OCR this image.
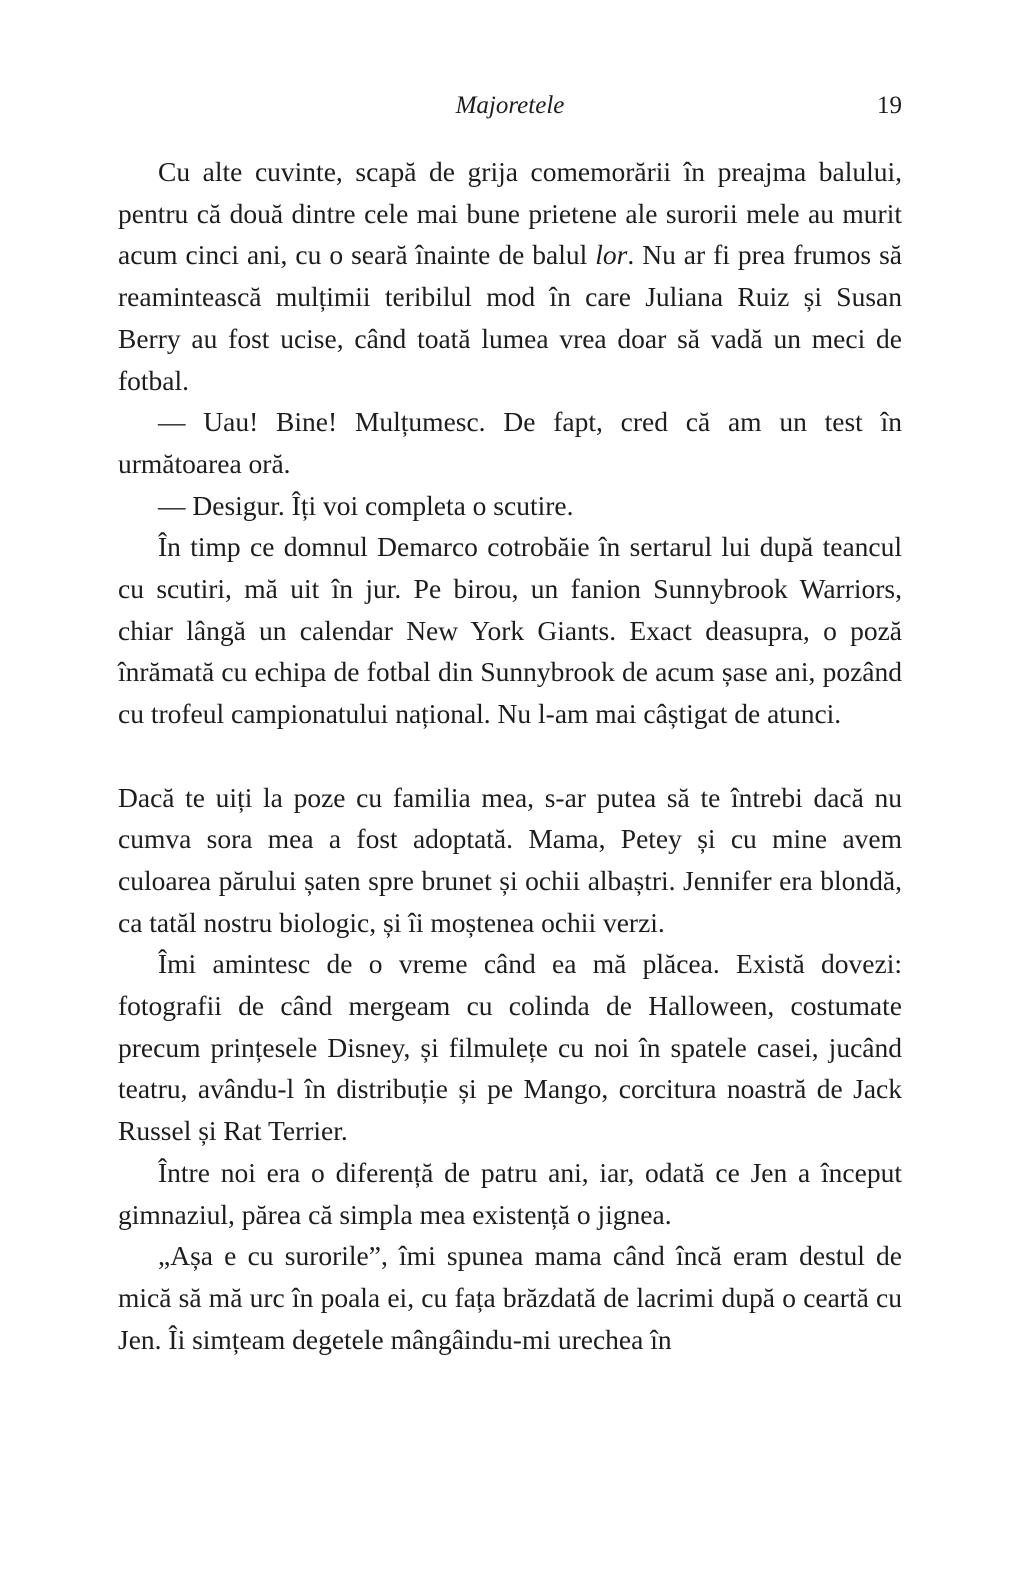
Majoretele	19

Cu alte cuvinte, scapă de grija comemorării în preajma balului, pentru că două dintre cele mai bune prietene ale surorii mele au murit acum cinci ani, cu o seară înainte de balul lor. Nu ar fi prea frumos să reamintească mulțimii teribilul mod în care Juliana Ruiz și Susan Berry au fost ucise, când toată lumea vrea doar să vadă un meci de fotbal.

— Uau! Bine! Mulțumesc. De fapt, cred că am un test în următoarea oră.

— Desigur. Îți voi completa o scutire.

În timp ce domnul Demarco cotrobăie în sertarul lui după teancul cu scutiri, mă uit în jur. Pe birou, un fanion Sunnybrook Warriors, chiar lângă un calendar New York Giants. Exact deasupra, o poză înrămată cu echipa de fotbal din Sunnybrook de acum șase ani, pozând cu trofeul campionatului național. Nu l-am mai câștigat de atunci.

Dacă te uiți la poze cu familia mea, s-ar putea să te întrebi dacă nu cumva sora mea a fost adoptată. Mama, Petey și cu mine avem culoarea părului șaten spre brunet și ochii albaștri. Jennifer era blondă, ca tatăl nostru biologic, și îi moștenea ochii verzi.

Îmi amintesc de o vreme când ea mă plăcea. Există dovezi: fotografii de când mergeam cu colinda de Halloween, costumate precum prințesele Disney, și filmulețe cu noi în spatele casei, jucând teatru, avându-l în distribuție și pe Mango, corcitura noastră de Jack Russel și Rat Terrier.

Între noi era o diferență de patru ani, iar, odată ce Jen a început gimnaziul, părea că simpla mea existență o jignea.

„Așa e cu surorile”, îmi spunea mama când încă eram destul de mică să mă urc în poala ei, cu fața brăzdată de lacrimi după o ceartă cu Jen. Îi simțeam degetele mângâindu-mi urechea în
